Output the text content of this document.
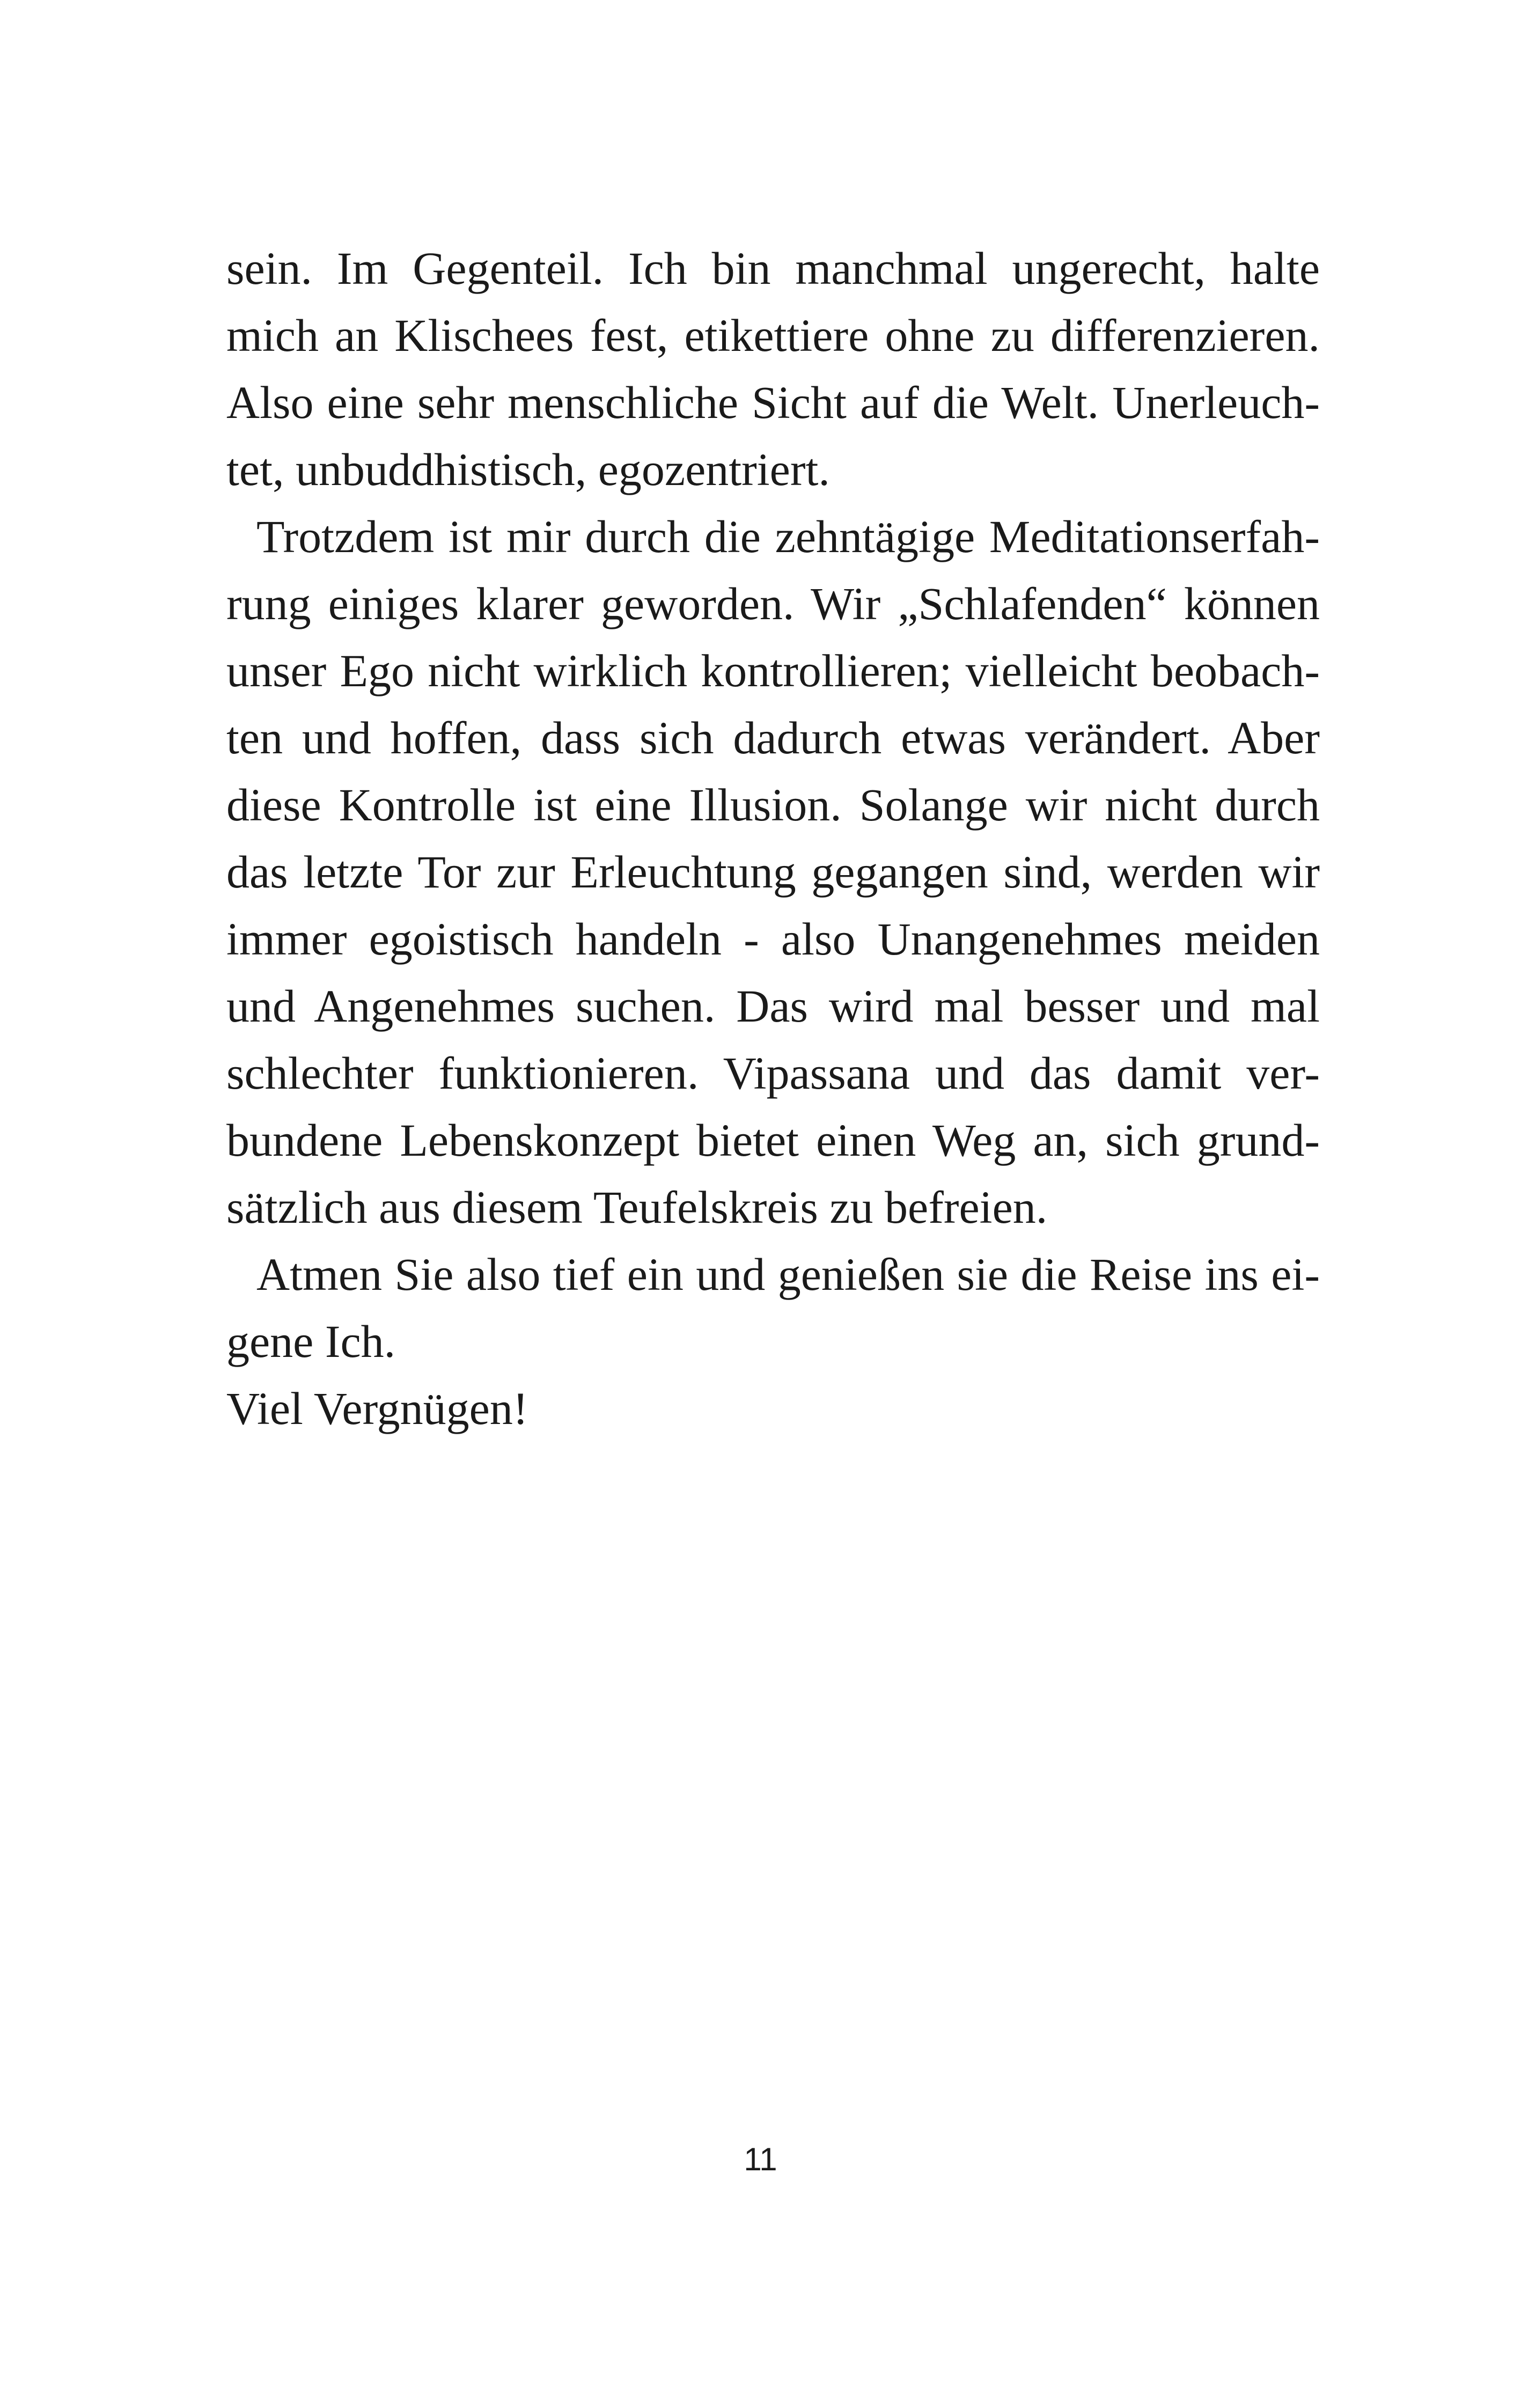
sein. Im Gegenteil. Ich bin manchmal ungerecht, halte
mich an Klischees fest, etikettiere ohne zu differenzieren.
Also eine sehr menschliche Sicht auf die Welt. Unerleuch-
tet, unbuddhistisch, egozentriert.
Trotzdem ist mir durch die zehntägige Meditationserfah-
rung einiges klarer geworden. Wir „Schlafenden“ können
unser Ego nicht wirklich kontrollieren; vielleicht beobach-
ten und hoffen, dass sich dadurch etwas verändert. Aber
diese Kontrolle ist eine Illusion. Solange wir nicht durch
das letzte Tor zur Erleuchtung gegangen sind, werden wir
immer egoistisch handeln - also Unangenehmes meiden
und Angenehmes suchen. Das wird mal besser und mal
schlechter funktionieren. Vipassana und das damit ver-
bundene Lebenskonzept bietet einen Weg an, sich grund-
sätzlich aus diesem Teufelskreis zu befreien.
Atmen Sie also tief ein und genießen sie die Reise ins ei-
gene Ich.
Viel Vergnügen!
11
